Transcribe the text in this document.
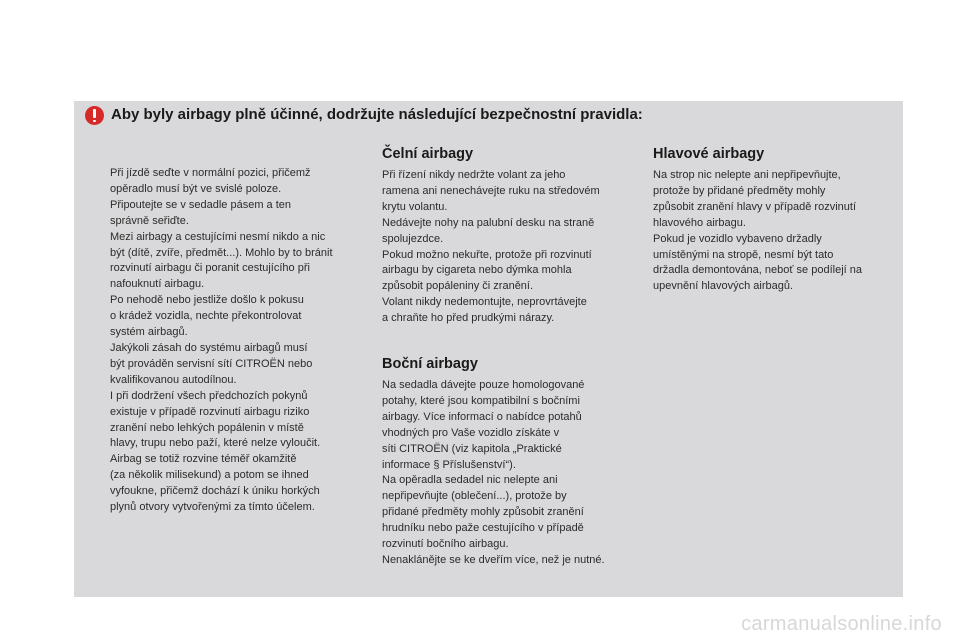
Aby byly airbagy plně účinné, dodržujte následující bezpečnostní pravidla:

Při jízdě seďte v normální pozici, přičemž
opěradlo musí být ve svislé poloze.
Připoutejte se v sedadle pásem a ten
správně seřiďte.
Mezi airbagy a cestujícími nesmí nikdo a nic
být (dítě, zvíře, předmět...). Mohlo by to bránit
rozvinutí airbagu či poranit cestujícího při
nafouknutí airbagu.
Po nehodě nebo jestliže došlo k pokusu
o krádež vozidla, nechte překontrolovat
systém airbagů.
Jakýkoli zásah do systému airbagů musí
být prováděn servisní sítí CITROËN nebo
kvalifikovanou autodílnou.
I při dodržení všech předchozích pokynů
existuje v případě rozvinutí airbagu riziko
zranění nebo lehkých popálenin v místě
hlavy, trupu nebo paží, které nelze vyloučit.
Airbag se totiž rozvine téměř okamžitě
(za několik milisekund) a potom se ihned
vyfoukne, přičemž dochází k úniku horkých
plynů otvory vytvořenými za tímto účelem.

Čelní airbagy

Při řízení nikdy nedržte volant za jeho
ramena ani nenechávejte ruku na středovém
krytu volantu.
Nedávejte nohy na palubní desku na straně
spolujezdce.
Pokud možno nekuřte, protože při rozvinutí
airbagu by cigareta nebo dýmka mohla
způsobit popáleniny či zranění.
Volant nikdy nedemontujte, neprovrtávejte
a chraňte ho před prudkými nárazy.

Boční airbagy

Na sedadla dávejte pouze homologované
potahy, které jsou kompatibilní s bočními
airbagy. Více informací o nabídce potahů
vhodných pro Vaše vozidlo získáte v
síti CITROËN (viz kapitola „Praktické
informace § Příslušenství“).
Na opěradla sedadel nic nelepte ani
nepřipevňujte (oblečení...), protože by
přidané předměty mohly způsobit zranění
hrudníku nebo paže cestujícího v případě
rozvinutí bočního airbagu.
Nenaklánějte se ke dveřím více, než je nutné.

Hlavové airbagy

Na strop nic nelepte ani nepřipevňujte,
protože by přidané předměty mohly
způsobit zranění hlavy v případě rozvinutí
hlavového airbagu.
Pokud je vozidlo vybaveno držadly
umístěnými na stropě, nesmí být tato
držadla demontována, neboť se podílejí na
upevnění hlavových airbagů.

carmanualsonline.info
